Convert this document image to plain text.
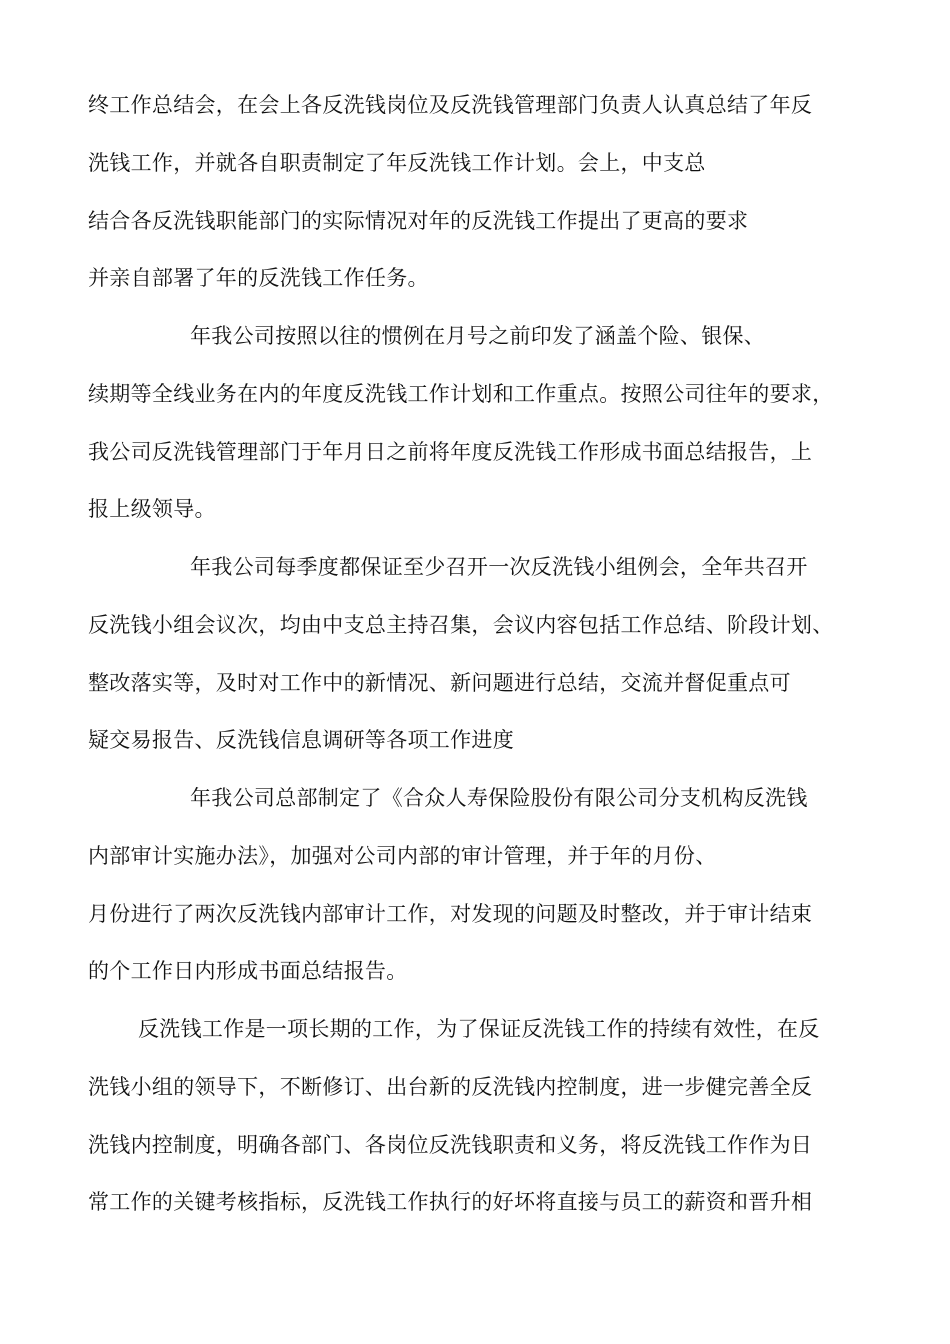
终工作总结会，在会上各反洗钱岗位及反洗钱管理部门负责人认真总结了年反
洗钱工作，并就各自职责制定了年反洗钱工作计划。会上，中支总
结合各反洗钱职能部门的实际情况对年的反洗钱工作提出了更高的要求
并亲自部署了年的反洗钱工作任务。
年我公司按照以往的惯例在月号之前印发了涵盖个险、银保、
续期等全线业务在内的年度反洗钱工作计划和工作重点。按照公司往年的要求，
我公司反洗钱管理部门于年月日之前将年度反洗钱工作形成书面总结报告，上
报上级领导。
年我公司每季度都保证至少召开一次反洗钱小组例会，全年共召开
反洗钱小组会议次，均由中支总主持召集，会议内容包括工作总结、阶段计划、
整改落实等，及时对工作中的新情况、新问题进行总结，交流并督促重点可
疑交易报告、反洗钱信息调研等各项工作进度
年我公司总部制定了《合众人寿保险股份有限公司分支机构反洗钱
内部审计实施办法》，加强对公司内部的审计管理，并于年的月份、
月份进行了两次反洗钱内部审计工作，对发现的问题及时整改，并于审计结束
的个工作日内形成书面总结报告。
反洗钱工作是一项长期的工作，为了保证反洗钱工作的持续有效性，在反
洗钱小组的领导下，不断修订、出台新的反洗钱内控制度，进一步健完善全反
洗钱内控制度，明确各部门、各岗位反洗钱职责和义务，将反洗钱工作作为日
常工作的关键考核指标，反洗钱工作执行的好坏将直接与员工的薪资和晋升相
